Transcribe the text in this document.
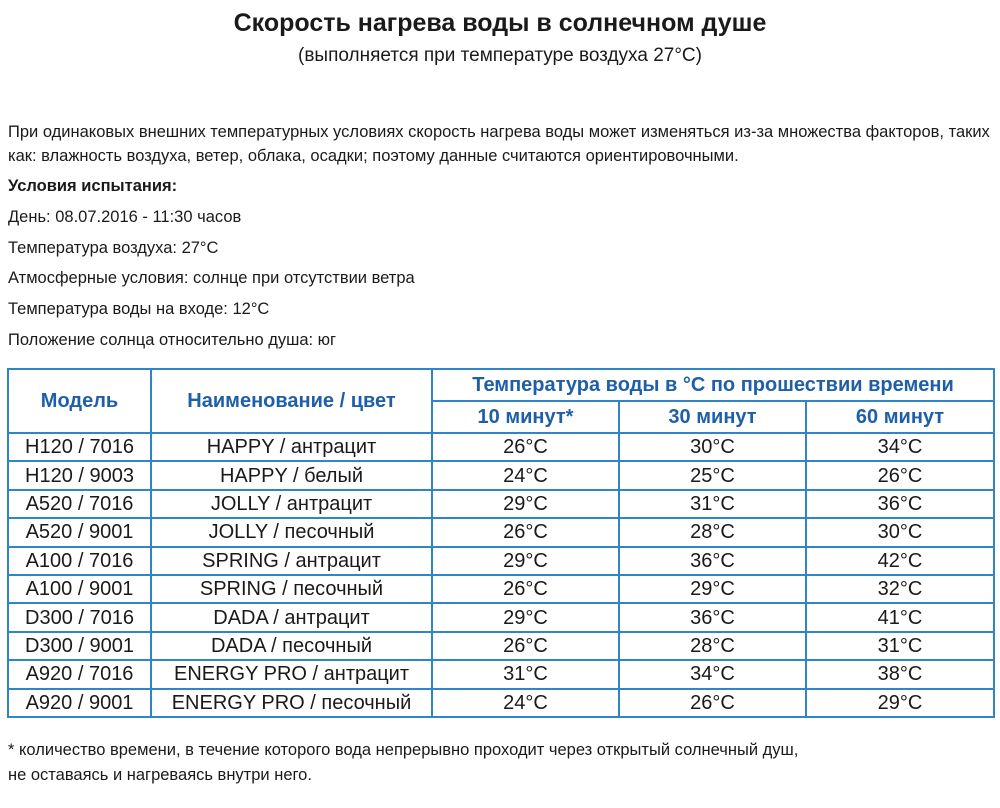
Скорость нагрева воды в солнечном душе
(выполняется при температуре воздуха 27°С)
При одинаковых внешних температурных условиях скорость нагрева воды может изменяться из-за множества факторов, таких как: влажность воздуха, ветер, облака, осадки; поэтому данные считаются ориентировочными.
Условия испытания:
День: 08.07.2016 - 11:30 часов
Температура воздуха: 27°С
Атмосферные условия: солнце при отсутствии ветра
Температура воды на входе: 12°С
Положение солнца относительно душа: юг
Модель	Наименование / цвет	Температура воды в °С по прошествии времени		
		10 минут*	30 минут	60 минут
H120 / 7016	HAPPY / антрацит	26°С	30°С	34°С
H120 / 9003	HAPPY / белый	24°С	25°С	26°С
A520 / 7016	JOLLY / антрацит	29°С	31°С	36°С
A520 / 9001	JOLLY / песочный	26°С	28°С	30°С
A100 / 7016	SPRING / антрацит	29°С	36°С	42°С
A100 / 9001	SPRING / песочный	26°С	29°С	32°С
D300 / 7016	DADA / антрацит	29°С	36°С	41°С
D300 / 9001	DADA / песочный	26°С	28°С	31°С
A920 / 7016	ENERGY PRO / антрацит	31°С	34°С	38°С
A920 / 9001	ENERGY PRO / песочный	24°С	26°С	29°С
* количество времени, в течение которого вода непрерывно проходит через открытый солнечный душ,
не оставаясь и нагреваясь внутри него.
